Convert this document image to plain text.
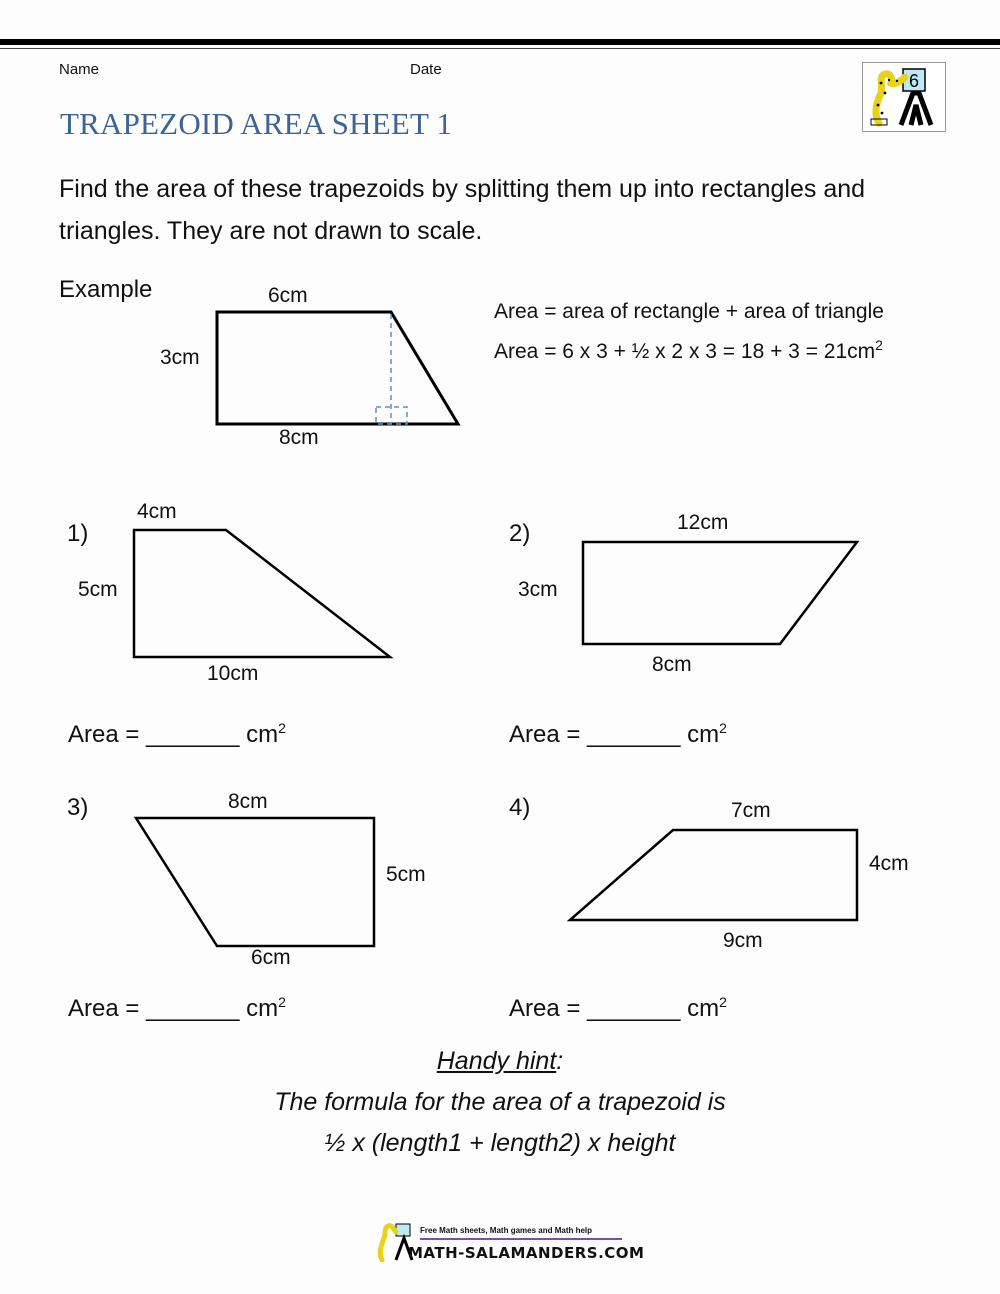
Name	Date
TRAPEZOID AREA SHEET 1
6
Find the area of these trapezoids by splitting them up into rectangles and triangles. They are not drawn to scale.
Example	6cm
3cm
8cm
Area = area of rectangle + area of triangle
Area = 6 x 3 + ½ x 2 x $3 = 18 + 3 = 21cm^2$
1)
4cm
5cm
10cm
Area = _______ $cm^2$
2)	12cm
3cm
8cm
Area = _______ $cm^2$
3)	8cm
5cm
6cm
Area = _______ $cm^2$
4)	7cm
4cm
9cm
Area = _______ $cm^2$
Handy hint:
The formula for the area of a trapezoid is
½ x (length1 + length2) x height
Free Math sheets, Math games and Math help
MATH-SALAMANDERS.COM
